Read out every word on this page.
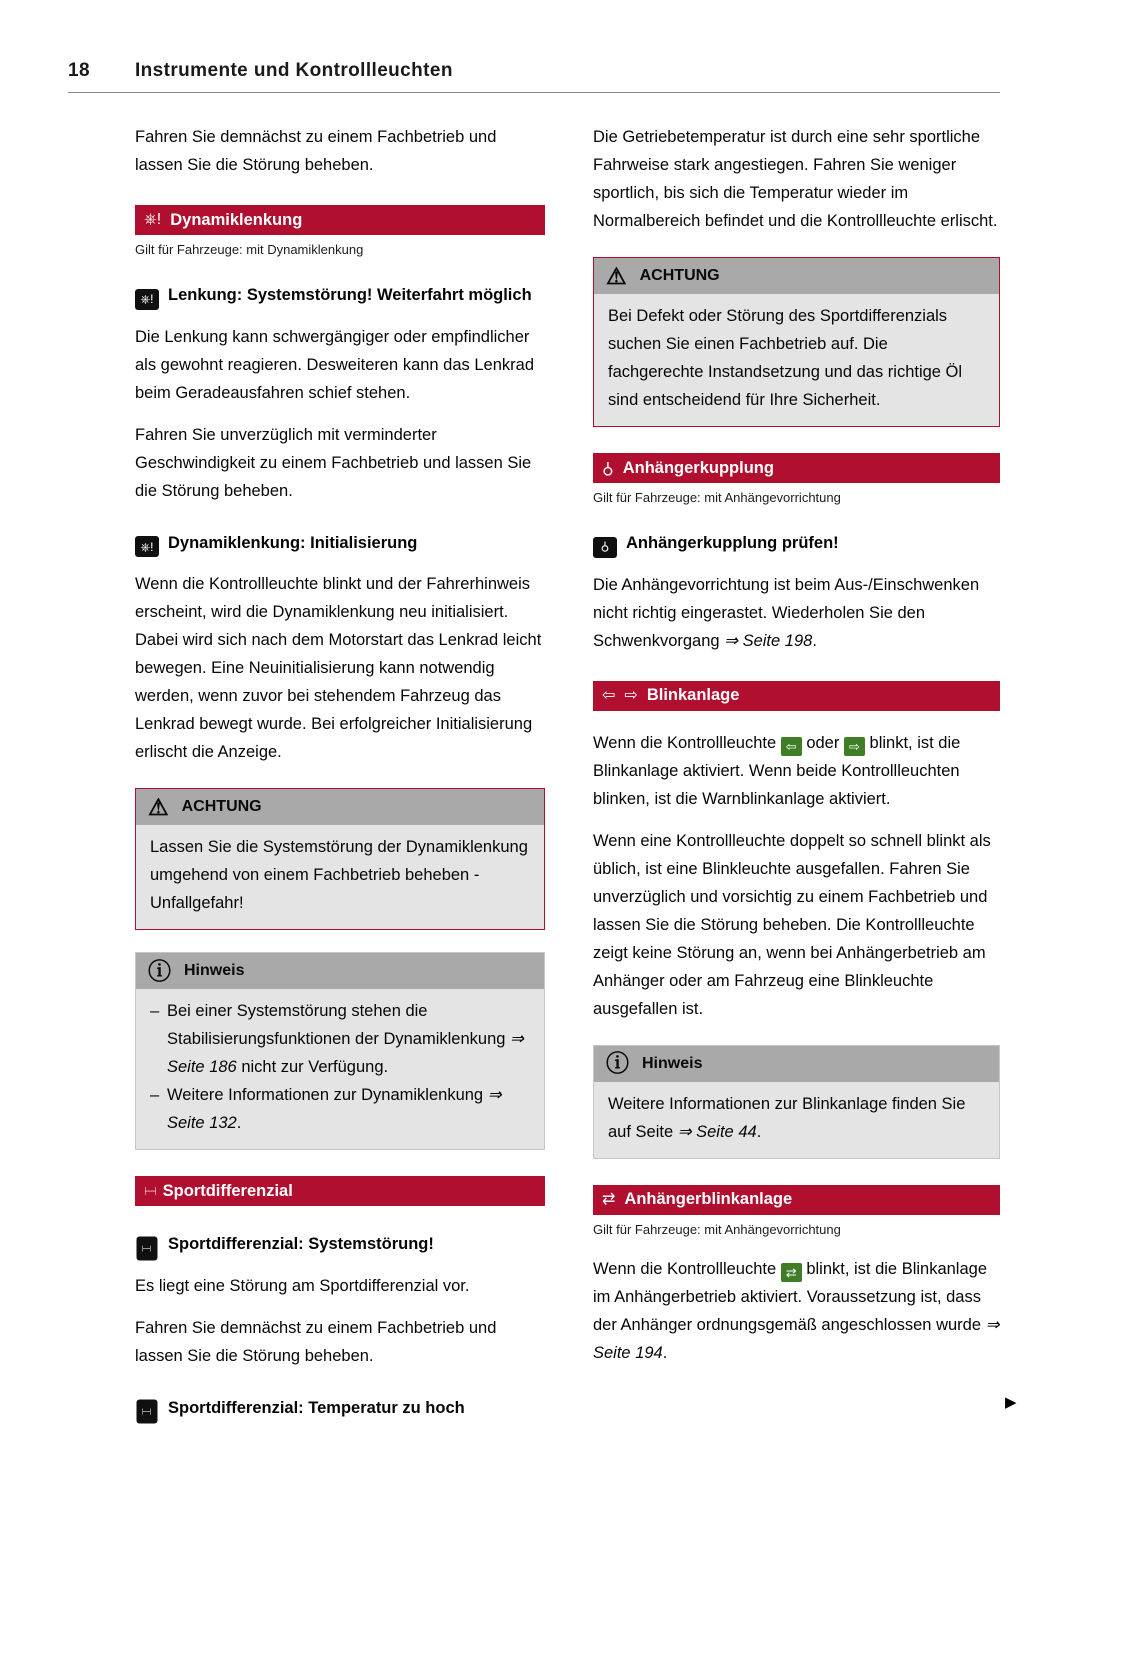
18 Instrumente und Kontrollleuchten

Fahren Sie demnächst zu einem Fachbetrieb und lassen Sie die Störung beheben.

⎈! Dynamiklenkung
Gilt für Fahrzeuge: mit Dynamiklenkung
⎈! Lenkung: Systemstörung! Weiterfahrt möglich

Die Lenkung kann schwergängiger oder empfindlicher als gewohnt reagieren. Desweiteren kann das Lenkrad beim Geradeausfahren schief stehen.

Fahren Sie unverzüglich mit verminderter Geschwindigkeit zu einem Fachbetrieb und lassen Sie die Störung beheben.

⎈! Dynamiklenkung: Initialisierung

Wenn die Kontrollleuchte blinkt und der Fahrerhinweis erscheint, wird die Dynamiklenkung neu initialisiert. Dabei wird sich nach dem Motorstart das Lenkrad leicht bewegen. Eine Neuinitialisierung kann notwendig werden, wenn zuvor bei stehendem Fahrzeug das Lenkrad bewegt wurde. Bei erfolgreicher Initialisierung erlischt die Anzeige.

⚠ ACHTUNG
Lassen Sie die Systemstörung der Dynamiklenkung umgehend von einem Fachbetrieb beheben - Unfallgefahr!
ⓘ Hinweis
– Bei einer Systemstörung stehen die Stabilisierungsfunktionen der Dynamiklenkung ⇒ Seite 186 nicht zur Verfügung.
– Weitere Informationen zur Dynamiklenkung ⇒ Seite 132.
⌶ Sportdifferenzial
⌶ Sportdifferenzial: Systemstörung!

Es liegt eine Störung am Sportdifferenzial vor.

Fahren Sie demnächst zu einem Fachbetrieb und lassen Sie die Störung beheben.

⌶ Sportdifferenzial: Temperatur zu hoch

Die Getriebetemperatur ist durch eine sehr sportliche Fahrweise stark angestiegen. Fahren Sie weniger sportlich, bis sich die Temperatur wieder im Normalbereich befindet und die Kontrollleuchte erlischt.

⚠ ACHTUNG
Bei Defekt oder Störung des Sportdifferenzials suchen Sie einen Fachbetrieb auf. Die fachgerechte Instandsetzung und das richtige Öl sind entscheidend für Ihre Sicherheit.
⚲ Anhängerkupplung
Gilt für Fahrzeuge: mit Anhängevorrichtung
⚲ Anhängerkupplung prüfen!

Die Anhängevorrichtung ist beim Aus-/Einschwenken nicht richtig eingerastet. Wiederholen Sie den Schwenkvorgang ⇒ Seite 198.

⇦ ⇨ Blinkanlage

Wenn die Kontrollleuchte ⇦ oder ⇨ blinkt, ist die Blinkanlage aktiviert. Wenn beide Kontrollleuchten blinken, ist die Warnblinkanlage aktiviert.

Wenn eine Kontrollleuchte doppelt so schnell blinkt als üblich, ist eine Blinkleuchte ausgefallen. Fahren Sie unverzüglich und vorsichtig zu einem Fachbetrieb und lassen Sie die Störung beheben. Die Kontrollleuchte zeigt keine Störung an, wenn bei Anhängerbetrieb am Anhänger oder am Fahrzeug eine Blinkleuchte ausgefallen ist.

ⓘ Hinweis
Weitere Informationen zur Blinkanlage finden Sie auf Seite ⇒ Seite 44.
⇄ Anhängerblinkanlage
Gilt für Fahrzeuge: mit Anhängevorrichtung

Wenn die Kontrollleuchte ⇄ blinkt, ist die Blinkanlage im Anhängerbetrieb aktiviert. Voraussetzung ist, dass der Anhänger ordnungsgemäß angeschlossen wurde ⇒ Seite 194.

▶
